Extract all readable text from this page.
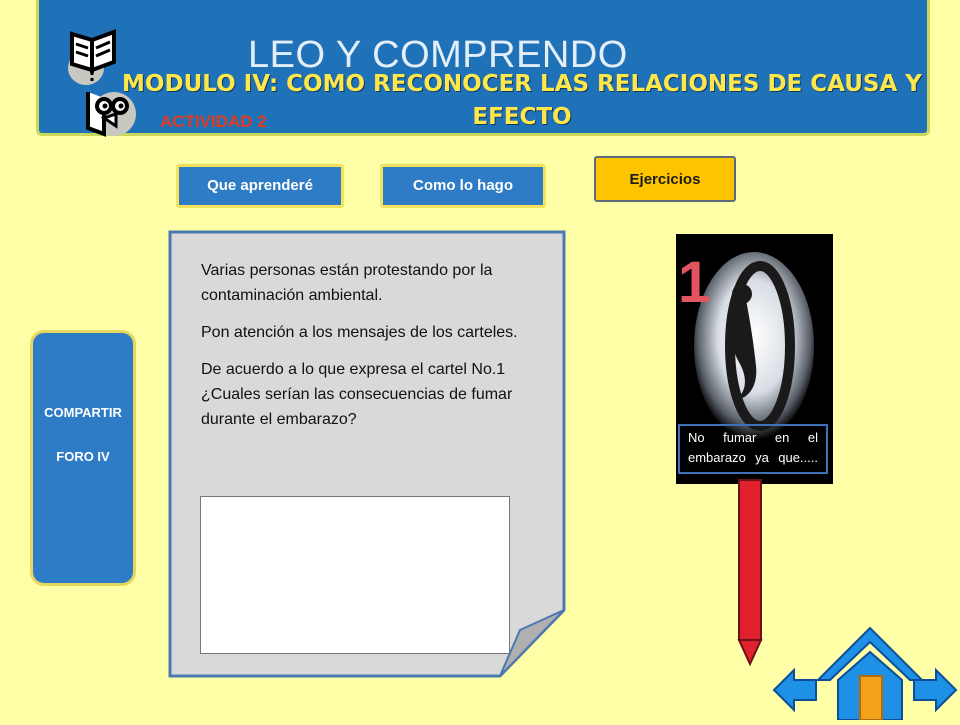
LEO Y COMPRENDO
MODULO IV: COMO RECONOCER LAS RELACIONES DE CAUSA Y EFECTO
ACTIVIDAD 2
Que aprenderé	Como lo hago	Ejercicios
COMPARTIR
FORO IV

Varias personas están protestando por la contaminación ambiental.

Pon atención a los mensajes de los carteles.

De acuerdo a lo que expresa el cartel No.1 ¿Cuales serían las consecuencias de fumar durante el embarazo?

1
No fumar en el embarazo ya que.....
